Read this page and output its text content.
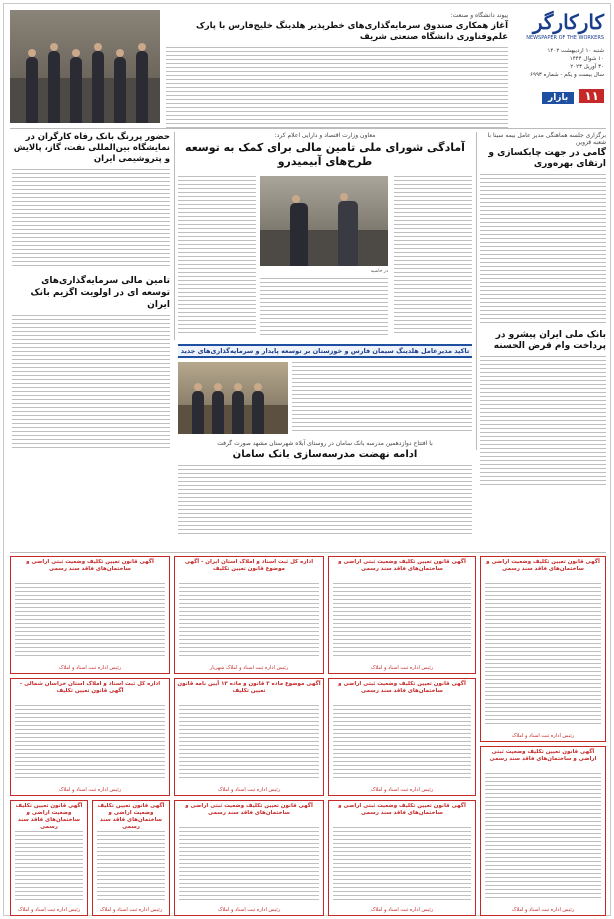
کارکارگر
NEWSPAPER OF THE WORKERS
شنبه ۱۰ اردیبهشت ۱۴۰۲
۱۰ شوال ۱۴۴۴
۳۰ آوریل ۲۰۲۳
سال بیست و یکم - شماره ۶۹۹۳
بازار ۱۱
پیوند دانشگاه و صنعت:
آغاز همکاری صندوق سرمایه‌گذاری‌های خطرپذیر هلدینگ خلیج‌فارس با پارک علم‌وفناوری دانشگاه صنعتی شریف
برگزاری جلسه هماهنگی مدیر عامل بیمه سینا با شعبه قزوین
گامی در جهت چابکسازی و ارتقای بهره‌وری
بانک ملی ایران پیشرو در پرداخت وام قرض الحسنه
معاون وزارت اقتصاد و دارایی اعلام کرد:
آمادگی شورای ملی تامین مالی برای کمک به توسعه طرح‌های آبیمیدرو
در حاشیه
حضور پررنگ بانک رفاه کارگران در نمایشگاه بین‌المللی نفت، گاز، پالایش و پتروشیمی ایران
تامین مالی سرمایه‌گذاری‌های توسعه ای در اولویت اگزیم بانک ایران
تاکید مدیرعامل هلدینگ سیمان فارس و خوزستان بر توسعه پایدار و سرمایه‌گذاری‌های جدید
با افتتاح دوازدهمین مدرسه بانک سامان در روستای آبلاه شهرستان مشهد صورت گرفت
ادامه نهضت مدرسه‌سازی بانک سامان
آگهی قانون تعیین تکلیف وضعیت اراضی و ساختمان‌های فاقد سند رسمی
رئیس اداره ثبت اسناد و املاک
آگهی قانون تعیین تکلیف وضعیت ثبتی اراضی و ساختمان‌های فاقد سند رسمی
رئیس اداره ثبت اسناد و املاک
آگهی قانون تعیین تکلیف وضعیت ثبتی اراضی و ساختمان‌های فاقد سند رسمی
رئیس اداره ثبت اسناد و املاک
آگهی قانون تعیین تکلیف وضعیت ثبتی اراضی و ساختمان‌های فاقد سند رسمی
رئیس اداره ثبت اسناد و املاک
آگهی قانون تعیین تکلیف وضعیت ثبتی اراضی و ساختمان‌های فاقد سند رسمی
رئیس اداره ثبت اسناد و املاک
اداره کل ثبت اسناد و املاک استان ایران - آگهی موضوع قانون تعیین تکلیف
رئیس اداره ثبت اسناد و املاک شهریار
آگهی موضوع ماده ۳ قانون و ماده ۱۳ آیین نامه قانون تعیین تکلیف
رئیس اداره ثبت اسناد و املاک
آگهی قانون تعیین تکلیف وضعیت ثبتی اراضی و ساختمان‌های فاقد سند رسمی
رئیس اداره ثبت اسناد و املاک
آگهی قانون تعیین تکلیف وضعیت ثبتی اراضی و ساختمان‌های فاقد سند رسمی
رئیس اداره ثبت اسناد و املاک
اداره کل ثبت اسناد و املاک استان خراسان شمالی - آگهی قانون تعیین تکلیف
رئیس اداره ثبت اسناد و املاک
آگهی قانون تعیین تکلیف وضعیت اراضی و ساختمان‌های فاقد سند رسمی
رئیس اداره ثبت اسناد و املاک
آگهی قانون تعیین تکلیف وضعیت اراضی و ساختمان‌های فاقد سند رسمی
رئیس اداره ثبت اسناد و املاک
